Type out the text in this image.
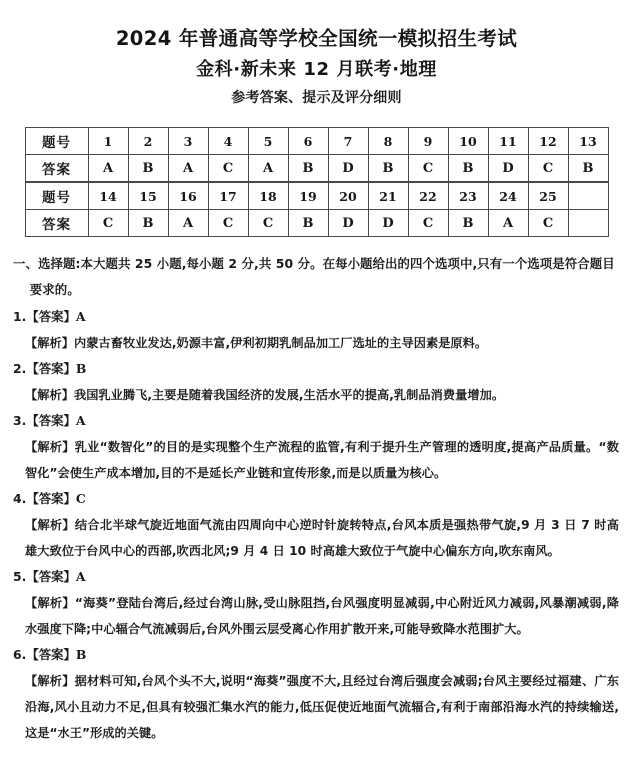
2024 年普通高等学校全国统一模拟招生考试
金科·新未来 12 月联考·地理
参考答案、提示及评分细则
题号	1	2	3	4	5	6	7	8	9	10	11	12	13
答案	A	B	A	C	A	B	D	B	C	B	D	C	B
题号	14	15	16	17	18	19	20	21	22	23	24	25	
答案	C	B	A	C	C	B	D	D	C	B	A	C	

一、选择题:本大题共 25 小题,每小题 2 分,共 50 分。在每小题给出的四个选项中,只有一个选项是符合题目
要求的。

1.【答案】A

【解析】内蒙古畜牧业发达,奶源丰富,伊利初期乳制品加工厂选址的主导因素是原料。

2.【答案】B

【解析】我国乳业腾飞,主要是随着我国经济的发展,生活水平的提高,乳制品消费量增加。

3.【答案】A

【解析】乳业“数智化”的目的是实现整个生产流程的监管,有利于提升生产管理的透明度,提高产品质量。“数智化”会使生产成本增加,目的不是延长产业链和宣传形象,而是以质量为核心。

4.【答案】C

【解析】结合北半球气旋近地面气流由四周向中心逆时针旋转特点,台风本质是强热带气旋,9 月 3 日 7 时高雄大致位于台风中心的西部,吹西北风;9 月 4 日 10 时高雄大致位于气旋中心偏东方向,吹东南风。

5.【答案】A

【解析】“海葵”登陆台湾后,经过台湾山脉,受山脉阻挡,台风强度明显减弱,中心附近风力减弱,风暴潮减弱,降水强度下降;中心辐合气流减弱后,台风外围云层受离心作用扩散开来,可能导致降水范围扩大。

6.【答案】B

【解析】据材料可知,台风个头不大,说明“海葵”强度不大,且经过台湾后强度会减弱;台风主要经过福建、广东沿海,风小且动力不足,但具有较强汇集水汽的能力,低压促使近地面气流辐合,有利于南部沿海水汽的持续输送,这是“水王”形成的关键。
